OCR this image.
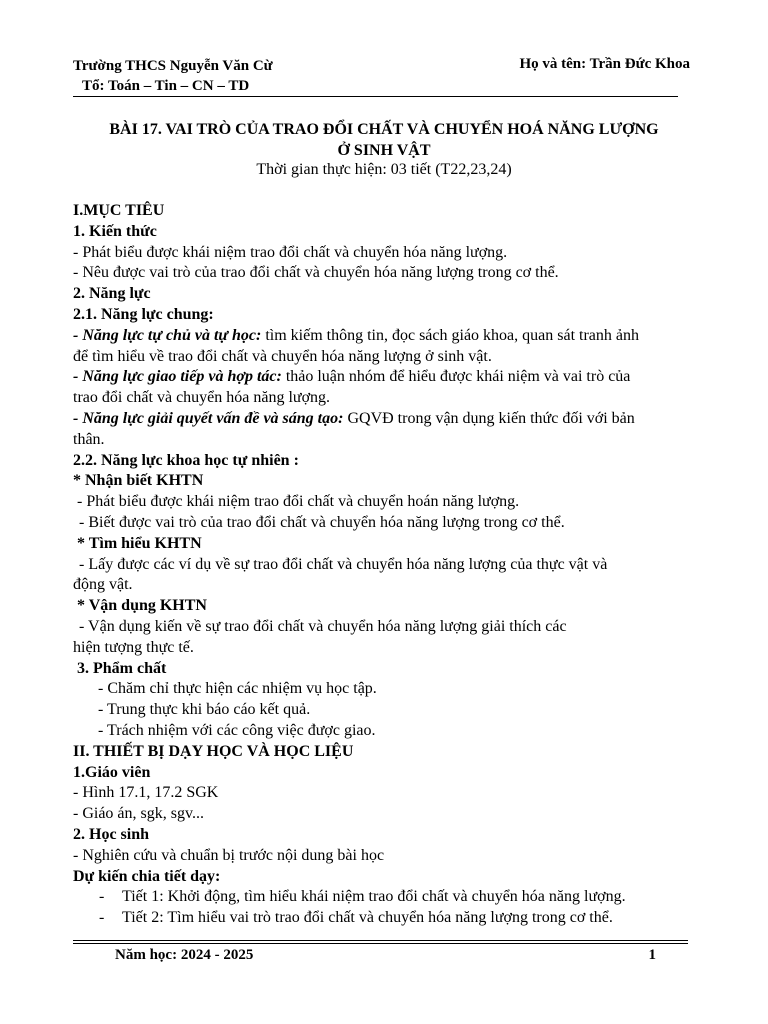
Trường THCS Nguyễn Văn Cừ
Tổ: Toán – Tin – CN – TD
Họ và tên: Trần Đức Khoa
BÀI 17. VAI TRÒ CỦA TRAO ĐỔI CHẤT VÀ CHUYỂN HOÁ NĂNG LƯỢNG
Ở SINH VẬT
Thời gian thực hiện: 03 tiết (T22,23,24)

I.MỤC TIÊU

1. Kiến thức

- Phát biểu được khái niệm trao đổi chất và chuyển hóa năng lượng.

- Nêu được vai trò của trao đổi chất và chuyển hóa năng lượng trong cơ thể.

2. Năng lực

2.1. Năng lực chung:

- Năng lực tự chủ và tự học: tìm kiếm thông tin, đọc sách giáo khoa, quan sát tranh ảnh

để tìm hiểu về trao đổi chất và chuyển hóa năng lượng ở sinh vật.

- Năng lực giao tiếp và hợp tác: thảo luận nhóm để hiểu được khái niệm và vai trò của

trao đổi chất và chuyển hóa năng lượng.

- Năng lực giải quyết vấn đề và sáng tạo: GQVĐ trong vận dụng kiến thức đối với bản

thân.

2.2. Năng lực khoa học tự nhiên :

* Nhận biết KHTN

- Phát biểu được khái niệm trao đổi chất và chuyển hoán năng lượng.

- Biết được vai trò của trao đổi chất và chuyển hóa năng lượng trong cơ thể.

* Tìm hiểu KHTN

- Lấy được các ví dụ về sự trao đổi chất và chuyển hóa năng lượng của thực vật và

động vật.

* Vận dụng KHTN

- Vận dụng kiến về sự trao đổi chất và chuyển hóa năng lượng giải thích các

hiện tượng thực tế.

3. Phẩm chất

- Chăm chỉ thực hiện các nhiệm vụ học tập.

- Trung thực khi báo cáo kết quả.

- Trách nhiệm với các công việc được giao.

II. THIẾT BỊ DẠY HỌC VÀ HỌC LIỆU

1.Giáo viên

- Hình 17.1, 17.2 SGK

- Giáo án, sgk, sgv...

2. Học sinh

- Nghiên cứu và chuẩn bị trước nội dung bài học

Dự kiến chia tiết dạy:

- Tiết 1: Khởi động, tìm hiểu khái niệm trao đổi chất và chuyển hóa năng lượng.

- Tiết 2: Tìm hiểu vai trò trao đổi chất và chuyển hóa năng lượng trong cơ thể.

Năm học: 2024 - 2025	1
